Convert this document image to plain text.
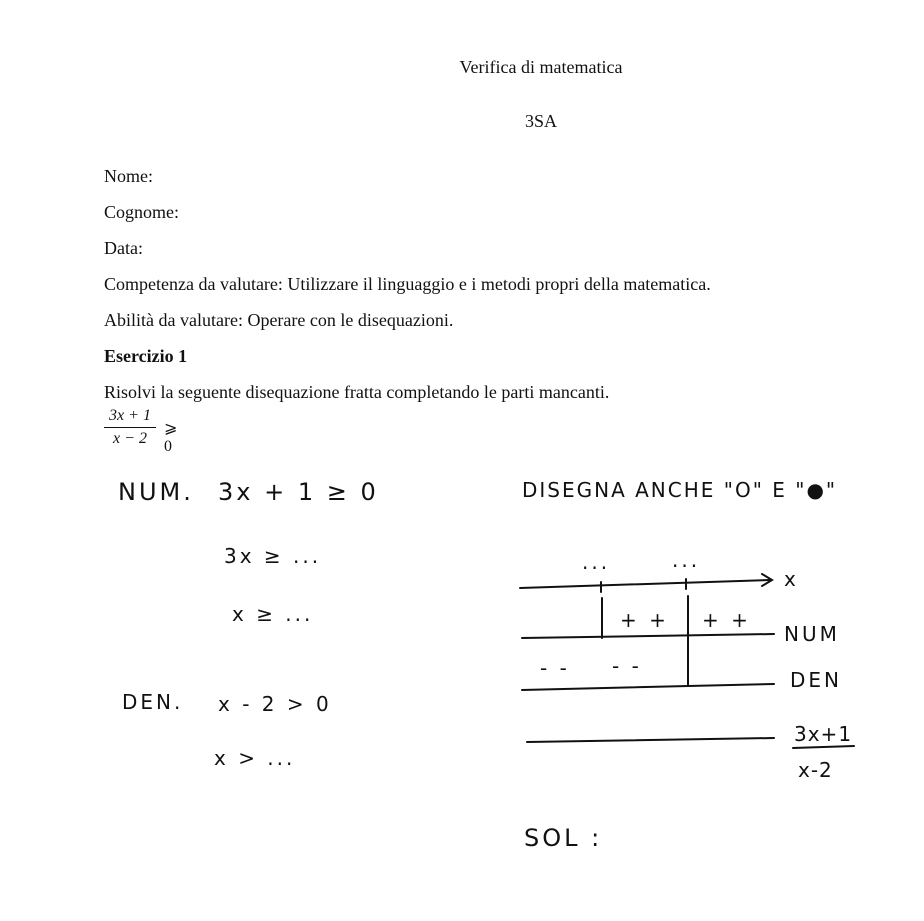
Verifica di matematica
3SA
Nome:
Cognome:
Data:
Competenza da valutare: Utilizzare il linguaggio e i metodi propri della matematica.
Abilità da valutare: Operare con le disequazioni.
Esercizio 1
Risolvi la seguente disequazione fratta completando le parti mancanti.
3x + 1
x − 2
⩾ 0
NUM. 3x + 1 ≥ 0
3x ≥ ...
x ≥ ...
DEN. x - 2 > 0
x > ...
DISEGNA ANCHE "O" E "●"
...	...
x
+ + + +
NUM
- - - -
DEN
3x+1
x-2
SOL :
